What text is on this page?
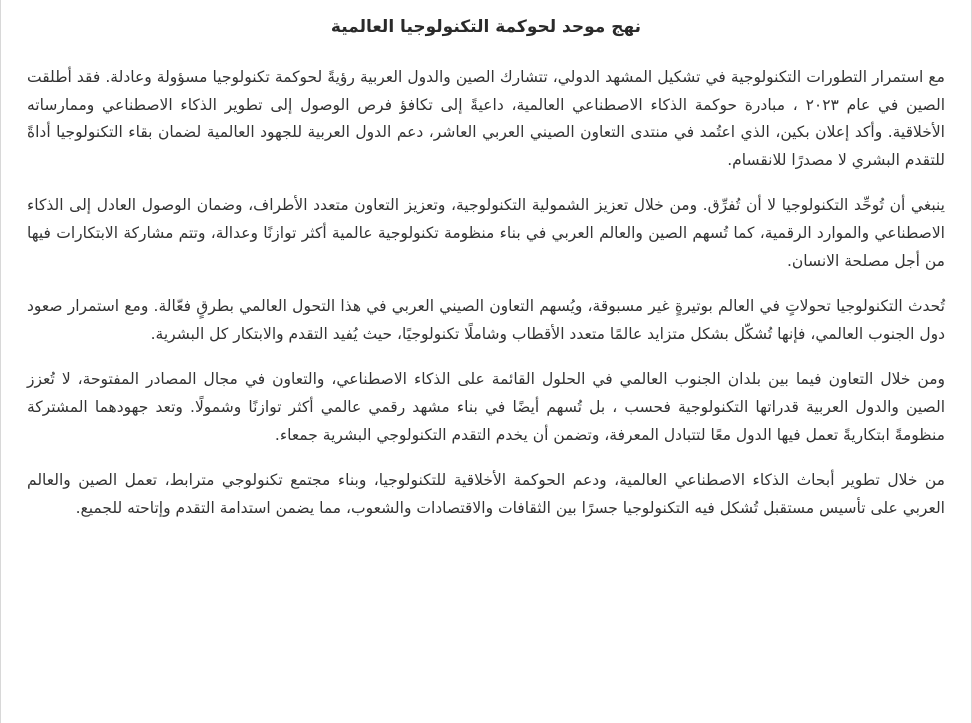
نهج موحد لحوكمة التكنولوجيا العالمية

مع استمرار التطورات التكنولوجية في تشكيل المشهد الدولي، تتشارك الصين والدول العربية رؤيةً لحوكمة تكنولوجيا مسؤولة وعادلة. فقد أطلقت الصين في عام ٢٠٢٣ ، مبادرة حوكمة الذكاء الاصطناعي العالمية، داعيةً إلى تكافؤ فرص الوصول إلى تطوير الذكاء الاصطناعي وممارساته الأخلاقية. وأكد إعلان بكين، الذي اعتُمد في منتدى التعاون الصيني العربي العاشر، دعم الدول العربية للجهود العالمية لضمان بقاء التكنولوجيا أداةً للتقدم البشري لا مصدرًا للانقسام.

ينبغي أن تُوحِّد التكنولوجيا لا أن تُفرِّق. ومن خلال تعزيز الشمولية التكنولوجية، وتعزيز التعاون متعدد الأطراف، وضمان الوصول العادل إلى الذكاء الاصطناعي والموارد الرقمية، كما تُسهم الصين والعالم العربي في بناء منظومة تكنولوجية عالمية أكثر توازنًا وعدالة، وتتم مشاركة الابتكارات فيها من أجل مصلحة الانسان.

تُحدث التكنولوجيا تحولاتٍ في العالم بوتيرةٍ غير مسبوقة، ويُسهم التعاون الصيني العربي في هذا التحول العالمي بطرقٍ فعّالة. ومع استمرار صعود دول الجنوب العالمي، فإنها تُشكّل بشكل متزايد عالمًا متعدد الأقطاب وشاملًا تكنولوجيًا، حيث يُفيد التقدم والابتكار كل البشرية.

ومن خلال التعاون فيما بين بلدان الجنوب العالمي في الحلول القائمة على الذكاء الاصطناعي، والتعاون في مجال المصادر المفتوحة، لا تُعزز الصين والدول العربية قدراتها التكنولوجية فحسب ، بل تُسهم أيضًا في بناء مشهد رقمي عالمي أكثر توازنًا وشمولًا. وتعد جهودهما المشتركة منظومةً ابتكاريةً تعمل فيها الدول معًا لتتبادل المعرفة، وتضمن أن يخدم التقدم التكنولوجي البشرية جمعاء.

من خلال تطوير أبحاث الذكاء الاصطناعي العالمية، ودعم الحوكمة الأخلاقية للتكنولوجيا، وبناء مجتمع تكنولوجي مترابط، تعمل الصين والعالم العربي على تأسيس مستقبل تُشكل فيه التكنولوجيا جسرًا بين الثقافات والاقتصادات والشعوب، مما يضمن استدامة التقدم وإتاحته للجميع.
